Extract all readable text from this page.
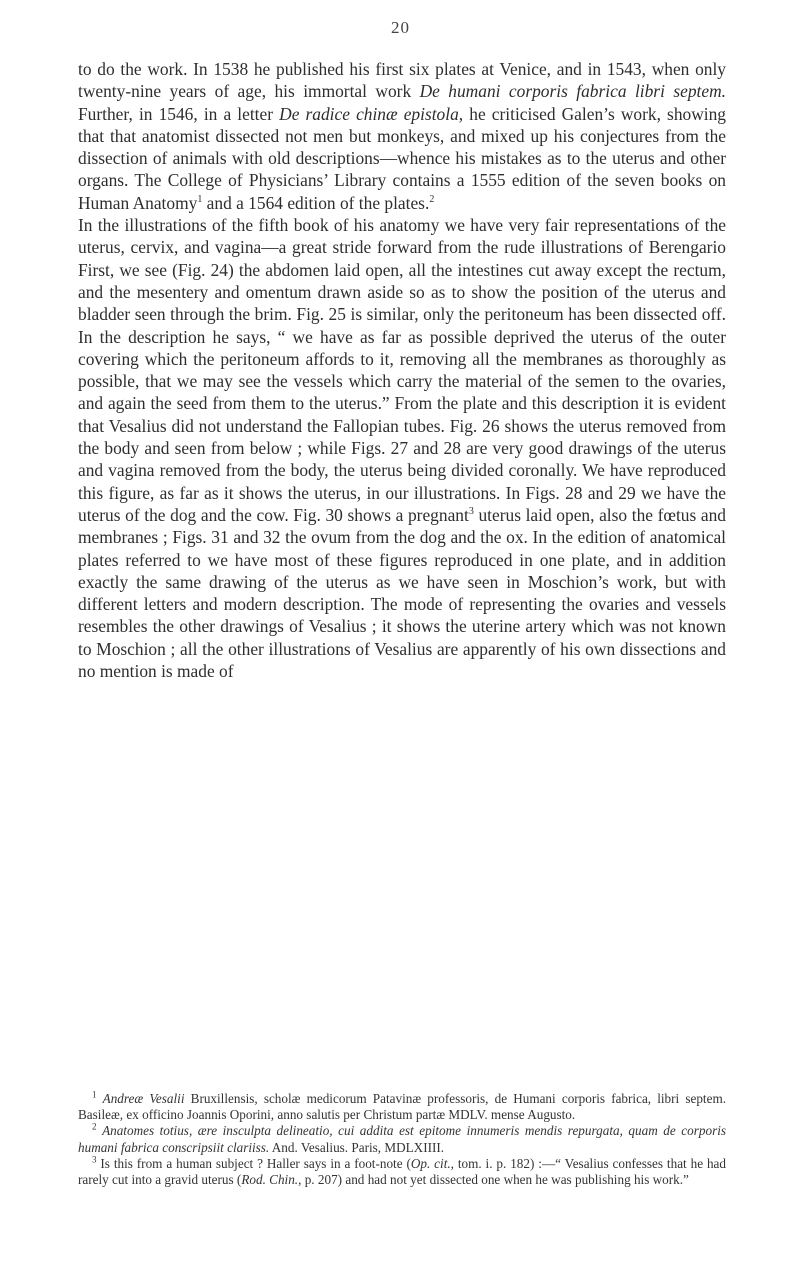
20

to do the work. In 1538 he published his first six plates at Venice, and in 1543, when only twenty-nine years of age, his immortal work De humani corporis fabrica libri septem. Further, in 1546, in a letter De radice chinæ epistola, he criticised Galen’s work, showing that that anatomist dissected not men but monkeys, and mixed up his conjectures from the dissection of animals with old descriptions—whence his mistakes as to the uterus and other organs. The College of Physicians’ Library contains a 1555 edition of the seven books on Human Anatomy$^1$ and a 1564 edition of the plates.$^2$

In the illustrations of the fifth book of his anatomy we have very fair representations of the uterus, cervix, and vagina—a great stride forward from the rude illustrations of Berengario First, we see (Fig. 24) the abdomen laid open, all the intestines cut away except the rectum, and the mesentery and omentum drawn aside so as to show the position of the uterus and bladder seen through the brim. Fig. 25 is similar, only the peritoneum has been dissected off. In the description he says, “ we have as far as possible deprived the uterus of the outer covering which the peritoneum affords to it, removing all the membranes as thoroughly as possible, that we may see the vessels which carry the material of the semen to the ovaries, and again the seed from them to the uterus.” From the plate and this description it is evident that Vesalius did not understand the Fallopian tubes. Fig. 26 shows the uterus removed from the body and seen from below ; while Figs. 27 and 28 are very good drawings of the uterus and vagina removed from the body, the uterus being divided coronally. We have reproduced this figure, as far as it shows the uterus, in our illustrations. In Figs. 28 and 29 we have the uterus of the dog and the cow. Fig. 30 shows a pregnant$^3$ uterus laid open, also the fœtus and membranes ; Figs. 31 and 32 the ovum from the dog and the ox. In the edition of anatomical plates referred to we have most of these figures reproduced in one plate, and in addition exactly the same drawing of the uterus as we have seen in Moschion’s work, but with different letters and modern description. The mode of representing the ovaries and vessels resembles the other drawings of Vesalius ; it shows the uterine artery which was not known to Moschion ; all the other illustrations of Vesalius are apparently of his own dissections and no mention is made of

$^1$ Andreæ Vesalii Bruxillensis, scholæ medicorum Patavinæ professoris, de Humani corporis fabrica, libri septem. Basileæ, ex officino Joannis Oporini, anno salutis per Christum partæ MDLV. mense Augusto.

$^2$ Anatomes totius, ære insculpta delineatio, cui addita est epitome innumeris mendis repurgata, quam de corporis humani fabrica conscripsiit clariiss. And. Vesalius. Paris, MDLXIIII.

$^3$ Is this from a human subject ? Haller says in a foot-note (Op. cit., tom. i. p. 182) :—“ Vesalius confesses that he had rarely cut into a gravid uterus (Rod. Chin., p. 207) and had not yet dissected one when he was publishing his work.”
